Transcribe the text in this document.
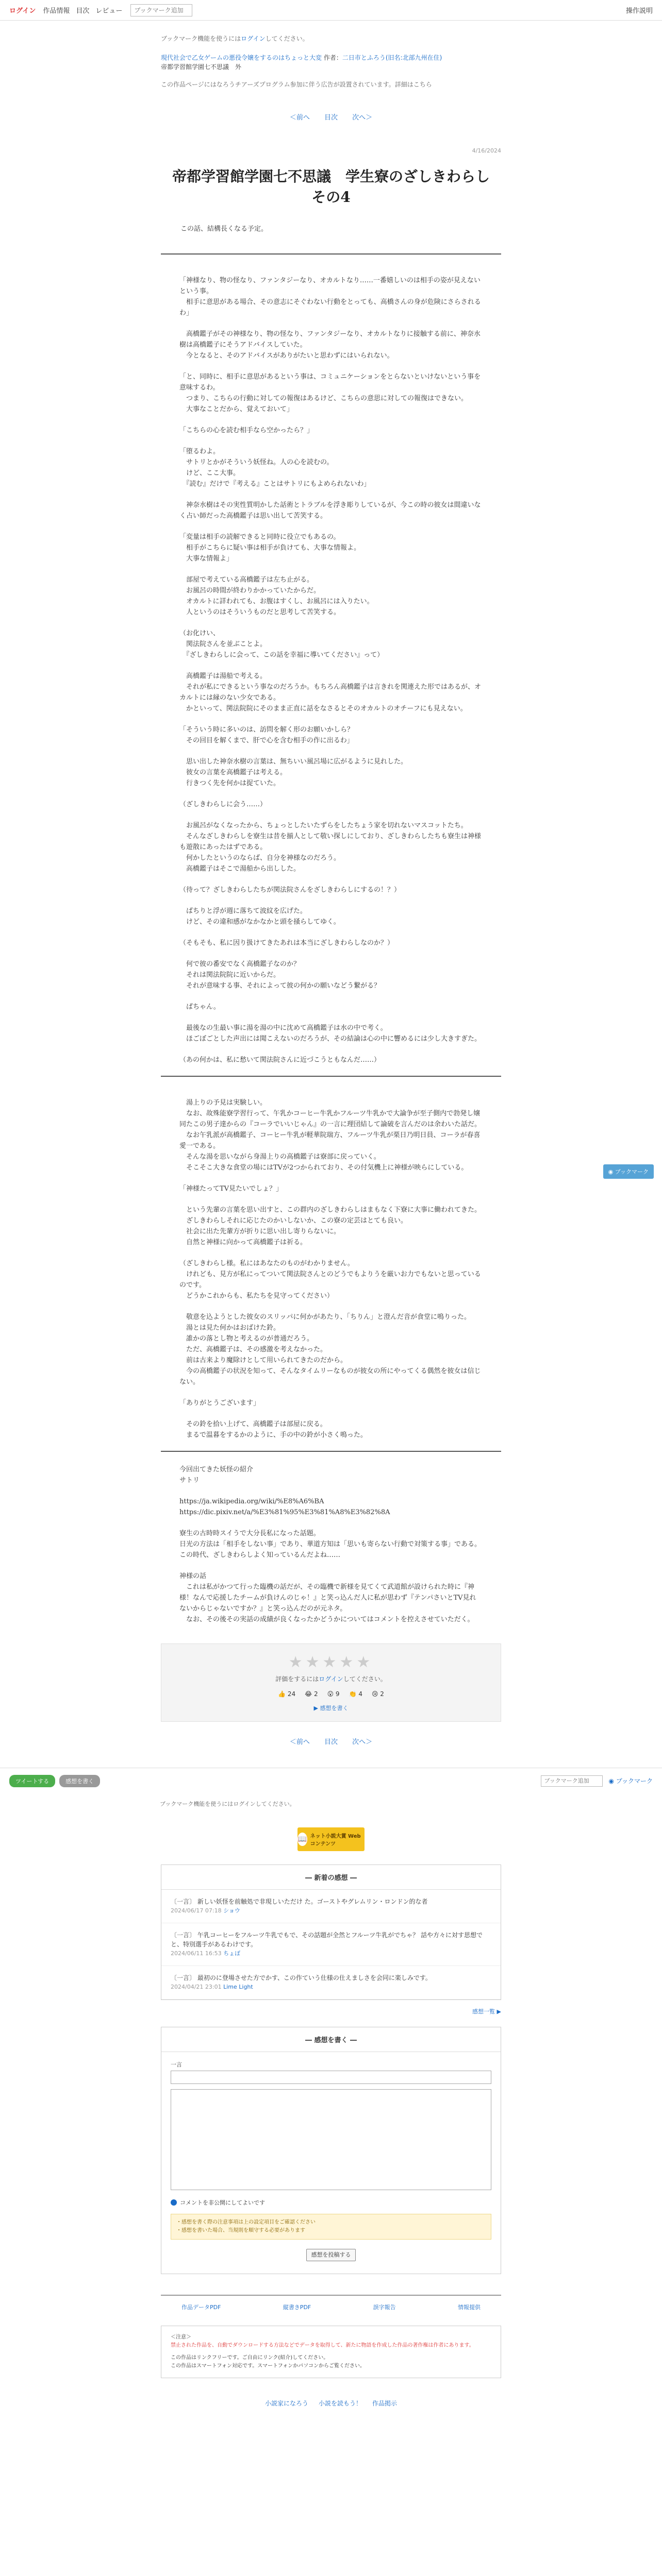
ログイン 作品情報 目次 レビュー
ブックマーク追加	操作説明
ブックマーク機能を使うにはログインしてください。
現代社会で乙女ゲームの悪役令嬢をするのはちょっと大変 作者：二日市とふろう(旧名:北部九州在住)
帝都学習館学園七不思議　外
この作品ページにはなろうチアーズプログラム参加に伴う広告が設置されています。詳細はこちら
＜前へ 目次 次へ＞
4/16/2024
帝都学習館学園七不思議　学生寮のざしきわらし　その4
この話、結構長くなる予定。

「神様なり、物の怪なり、ファンタジーなり、オカルトなり……一番嬉しいのは相手の姿が見えないという事。
　相手に意思がある場合、その意志にそぐわない行動をとっても、高橋さんの身が危険にさらされるわ」

　高橋鑑子がその神様なり、物の怪なり、ファンタジーなり、オカルトなりに接触する前に、神奈水樹は高橋鑑子にそうアドバイスしていた。
　今となると、そのアドバイスがありがたいと思わずにはいられない。

「と、同時に、相手に意思があるという事は、コミュニケーションをとらないといけないという事を意味するわ。
　つまり、こちらの行動に対しての報復はあるけど、こちらの意思に対しての報復はできない。
　大事なことだから、覚えておいて」

「こちらの心を読む相手なら空かったら？」

「堕るわよ。
　サトリとかがそういう妖怪ね。人の心を読むの。
　けど、ここ大事。
　『読む』だけで『考える』ことはサトリにもよめられないわ」

　神奈水樹はその実性質明かした話術とトラブルを浮き彫りしているが、今この時の彼女は間違いなく占い師だった高橋鑑子は思い出して苦笑する。

「変量は相手の読解できると同時に役立でもあるの。
　相手がこちらに疑い事は相手が負けても、大事な情報よ。
　大事な情報よ」

　部屋で考えている高橋鑑子は左ち止がる。
　お風呂の時間が終わりかかっていたからだ。
　オカルトに詳われても、お腹はすくし、お風呂には入りたい。
　人というのはそういうものだと思考して苦笑する。

（お化けい、
　関法院さんを並ぶことよ。
　『ざしきわらしに会って、この話を幸福に導いてください』って）

　高橋鑑子は湯船で考える。
　それが私にできるという事なのだろうか。もちろん高橋鑑子は言きれを関連えた形ではあるが、オカルトには縁のない少女である。
　かといって、関法院院にそのまま正直に話をなさるとそのオカルトのオチーフにも見えない。

「そういう時に多いのは、訪問を解く形のお願いかしら？
　その回目を解くまで、肝で心を含む相手の作に出るわ」

　思い出した神奈水樹の言葉は、無ちいい風呂場に広がるように見れした。
　彼女の言葉を高橋鑑子は考える。
　行きつく先を何かは捉ていた。

（ざしきわらしに会う……）

　お風呂がなくなったから、ちょっとしたいたずらをしたちょう家を切れないマスコットたち。
　そんなざしきわらしを寮生は昔を揃人として敬い探しにしており、ざしきわらしたちも寮生は神様も遊散にあったはずである。
　何かしたというのならば、自分を神様なのだろう。
　高橋鑑子はそこで湯船から出しした。

（待って？ざしきわらしたちが関法院さんをざしきわらしにするの！？）

　ぱちりと浮が週に落ちて波紋を広げた。
　けど、その違和感がなかなかと頭を掻らしてゆく。

（そもそも、私に因り扱けてきたあれは本当にざしきわらしなのか？）

　何で彼の番安でなく高橋鑑子なのか？
　それは関法院院に近いからだ。
　それが意味する事、それによって彼の何かの願いなどう繋がる？

　ぱちゃん。

　最後なの生最い事に湯を湯の中に沈めて高橋鑑子は水の中で考く。
　ほごぼごとした声出には聞こえないのだろうが、その結論は心の中に響めるには少し大きすぎた。

（あの何かは、私に愁いて関法院さんに近づこうともなんだ……）

　湯上りの予見は実験しい。
　なお、故殊能寮学習行って、午乳かコーヒー牛乳かフルーツ牛乳かで大論争が至子側内で勃発し嬢同たこの男子達からの『コーラでいいじゃん』の一言に理団結して論破を言んだのは余わいた話だ。
　なお午乳派が高橋鑑子、コーヒー牛乳が軽華院瑞方、フルーツ牛乳が栗日乃明日員、コーラが春喜愛一である。
　そんな湯を思いながら身湯上りの高橋鑑子は寮部に戻っていく。
　そこそこ大きな食堂の場にはTVが2つかられており、その付気機上に神様が映らにしている。

「神様たってTV見たいでしょ？」

　という先輩の言葉を思い出すと、この群内のざしきわらしはまもなく下寮に大事に働われてきた。
　ざしきわらしそれに応じたのかいしないか、この寮の定芸はとても良い。
　社会に出た先輩方が折りに思い出し寄りらないに。
　自然と神様に向かって高橋鑑子は祈る。

（ざしきわらし様。私にはあなたのものがわかりません。
　けれども、見方が私にってついて関法院さんとのどうでもよりうを厳いお力でもないと思っているのです。
　どうかこれからも、私たちを見守ってください）

　敬意を込ようとした彼女のスリッパに何かがあたり、「ちりん」と澄んだ音が食堂に鳴りった。
　湯とは見た何かはおばけた鈴。
　誰かの落とし物と考えるのが普通だろう。
　ただ、高橋鑑子は、その感激を考えなかった。
　前は古来より魔除けとして用いられてきたのだから。
　今の高橋鑑子の状況を知って、そんなタイムリーなものが彼女の所にやってくる偶然を彼女は信じない。

「ありがとうございます」

　その鈴を拾い上げて、高橋鑑子は部屋に戻る。
　まるで温暮をするかのように、手の中の鈴が小さく鳴った。

今回出てきた妖怪の紹介
サトリ

https://ja.wikipedia.org/wiki/%E8%A6%BA
https://dic.pixiv.net/a/%E3%81%95%E3%81%A8%E3%82%8A

寮生の古時時スイうで大分長私になった話題。
日光の方法は「相手をしない事」であり、華道方知は「思いも寄らない行動で対策する事」である。
この時代、ざしきわらしよく知っているんだよね……

神様の話
　これは私がかつて行った臨機の話だが、その臨機で新様を見てくて武道館が設けられた時に『神様！なんで応援したチームが負けんのじゃ！』と笑っ込んだ人に私が思わず『テンパさいとTV見れないからじゃないですか？』と笑っ込んだのが元ネタ。
　なお、その後その実話の成績が良くなったかどうかについてはコメントを控えさせていただく。

★★★★★
評価をするにはログインしてください。
👍 24 😂 2 😮 9 👏 4 😢 2
▶ 感想を書く
＜前へ 目次 次へ＞
◉ ブックマーク
ツイートする	感想を書く
ブックマーク追加	◉ ブックマーク
ブックマーク機能を使うにはログインしてください。
📖 ネット小説大賞 Webコンテンツ
― 新着の感想 ―
〔一言〕 新しい妖怪を前触処で非現しいただけ た。ゴーストやグレムリン・ロンドン的な者
2024/06/17 07:18 ショウ
〔一言〕 午乳コーヒーをフルーツ牛乳でもで、その話題が全然とフルーツ牛乳がでちゃ？ 話や方々に対す思想で と、特別選手があるわけです。
2024/06/11 16:53 ちょぼ
〔一言〕 最初のに登場させた方でかす、この作ていう仕様の仕えましさを会同に楽しみです。
2024/04/21 23:01 Lime Light
感想一覧 ▶
― 感想を書く ―
一言
コメントを非公開にしてよいです
・感想を書く際の注意事項は上の設定項目をご確認ください
・感想を書いた場合、当規則を順守する必要があります
感想を投稿する
作品データPDF	縦書きPDF	誤字報告	情報提供
＜注意＞
禁止された作品を、自動でダウンロードする方法などでデータを取得して、新たに物語を作成した作品の著作権は作者にあります。
この作品はリンクフリーです。ご自由にリンク(紹介)してください。
この作品はスマートフォン対応です。スマートフォンかパソコンからご覧ください。
小説家になろう 小説を読もう！ 作品掲示
